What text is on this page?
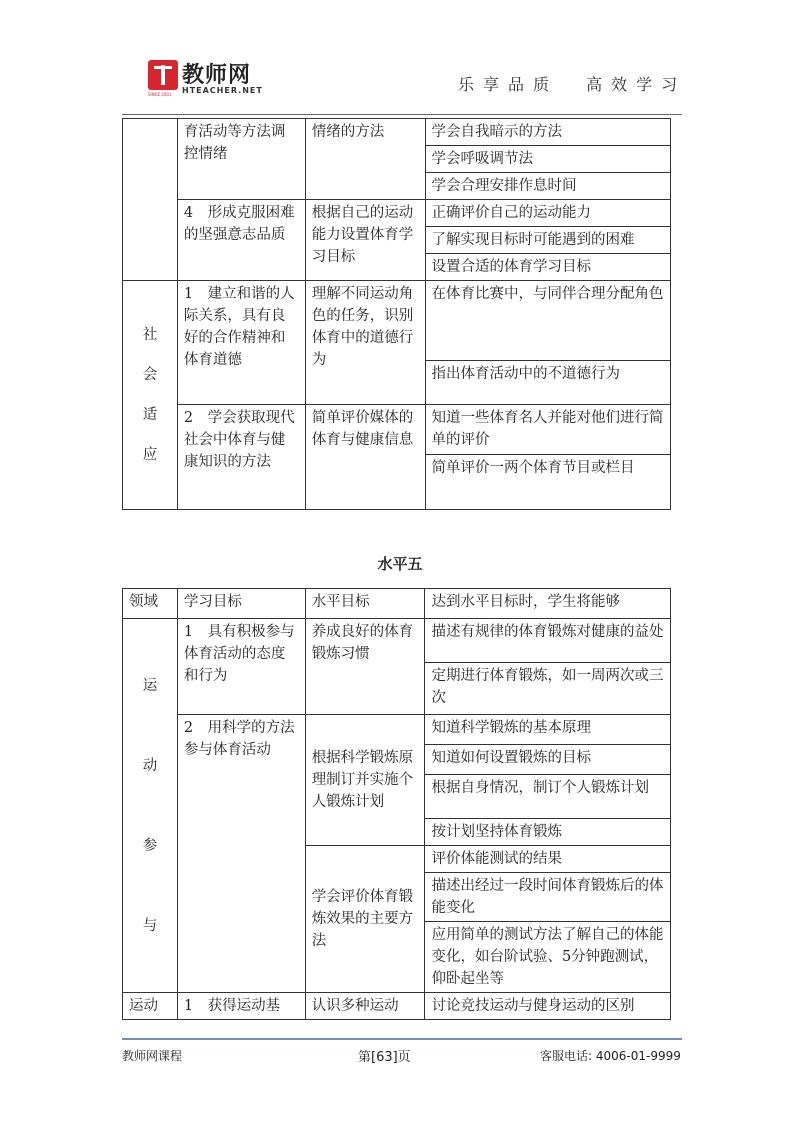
教师网
HTEACHER.NET
SINCE 2001
乐享品质  高效学习
	育活动等方法调控情绪	情绪的方法	学会自我暗示的方法
			学会呼吸调节法
			学会合理安排作息时间
	4　形成克服困难的坚强意志品质	根据自己的运动能力设置体育学习目标	正确评价自己的运动能力
			了解实现目标时可能遇到的困难
			设置合适的体育学习目标

社
会
适
应	1　建立和谐的人际关系，具有良好的合作精神和体育道德	理解不同运动角色的任务，识别体育中的道德行为	在体育比赛中，与同伴合理分配角色
			指出体育活动中的不道德行为
	2　学会获取现代社会中体育与健康知识的方法	简单评价媒体的体育与健康信息	知道一些体育名人并能对他们进行简单的评价
			简单评价一两个体育节目或栏目
水平五
领域	学习目标	水平目标	达到水平目标时，学生将能够

运
动
参
与	1　具有积极参与体育活动的态度和行为	养成良好的体育锻炼习惯	描述有规律的体育锻炼对健康的益处
			定期进行体育锻炼，如一周两次或三次
	2　用科学的方法参与体育活动	根据科学锻炼原理制订并实施个人锻炼计划	知道科学锻炼的基本原理
			知道如何设置锻炼的目标
			根据自身情况，制订个人锻炼计划
			按计划坚持体育锻炼
		学会评价体育锻炼效果的主要方法	评价体能测试的结果
			描述出经过一段时间体育锻炼后的体能变化
			应用简单的测试方法了解自己的体能变化，如台阶试验、5分钟跑测试，仰卧起坐等
运动	1　获得运动基	认识多种运动	讨论竞技运动与健身运动的区别
教师网课程	第[63]页	客服电话: 4006-01-9999
